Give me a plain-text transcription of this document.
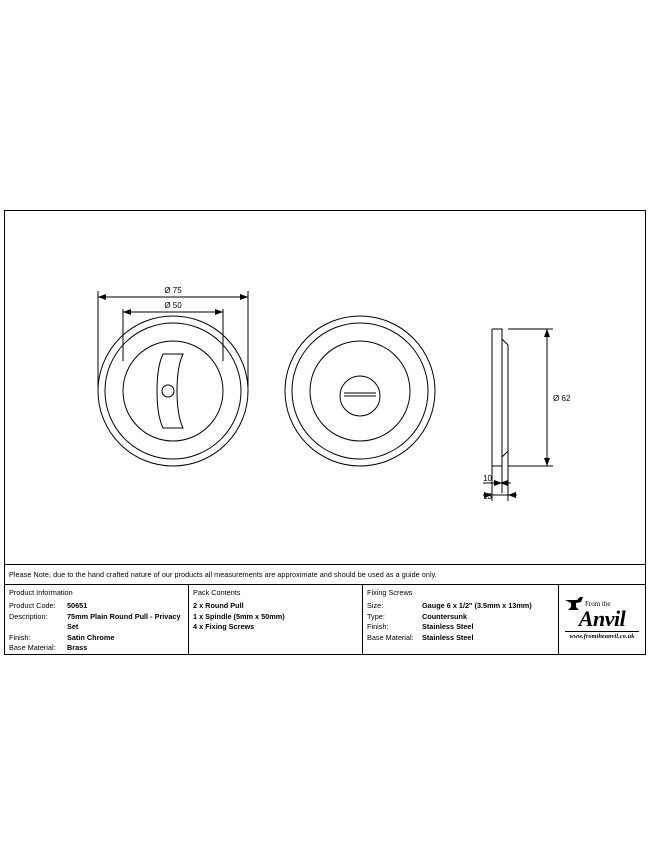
Ø 75
Ø 50
Ø 62
10
13
Please Note, due to the hand crafted nature of our products all measurements are approximate and should be used as a guide only.
Product Information
Product Code:	50651
Description:	75mm Plain Round Pull - Privacy Set
Finish:	Satin Chrome
Base Material:	Brass
Pack Contents
2 x Round Pull
1 x Spindle (5mm x 50mm)
4 x Fixing Screws
Fixing Screws
Size:	Gauge 6 x 1/2" (3.5mm x 13mm)
Type:	Countersunk
Finish:	Stainless Steel
Base Material:	Stainless Steel
From the
Anvil
www.fromtheanvil.co.uk
